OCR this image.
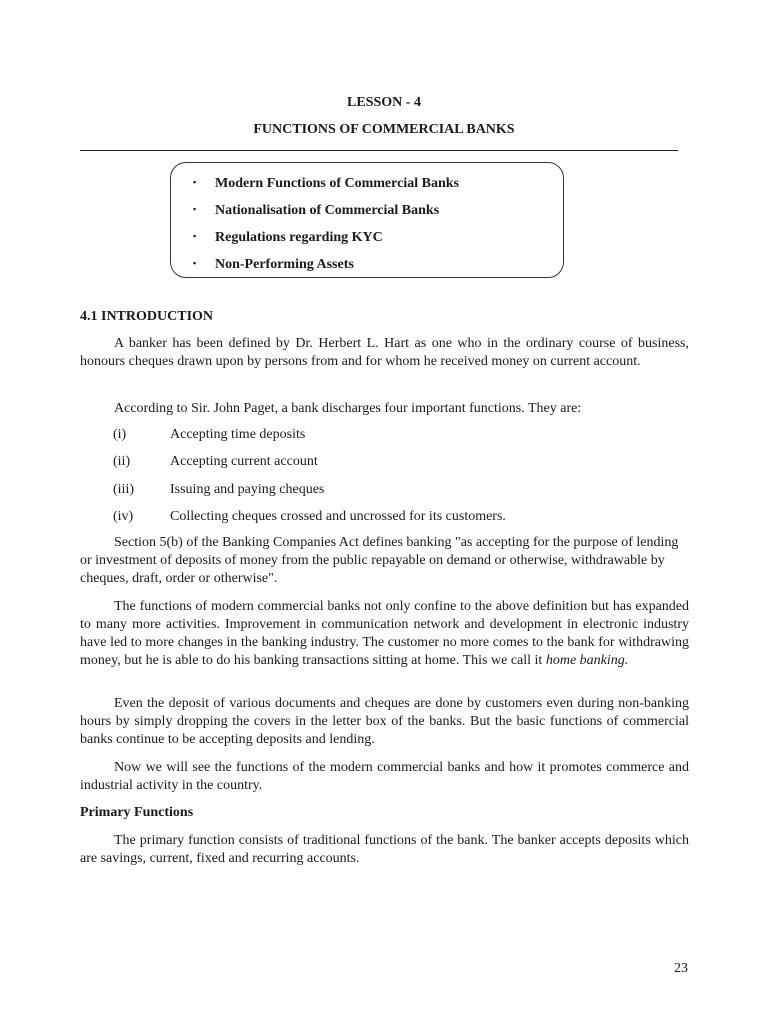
LESSON - 4
FUNCTIONS OF COMMERCIAL BANKS
▪ Modern Functions of Commercial Banks
▪ Nationalisation of Commercial Banks
▪ Regulations regarding KYC
▪ Non-Performing Assets
4.1 INTRODUCTION
A banker has been defined by Dr. Herbert L. Hart as one who in the ordinary course of business, honours cheques drawn upon by persons from and for whom he received money on current account.
According to Sir. John Paget, a bank discharges four important functions. They are:
(i)	Accepting time deposits
(ii)	Accepting current account
(iii)	Issuing and paying cheques
(iv)	Collecting cheques crossed and uncrossed for its customers.
Section 5(b) of the Banking Companies Act defines banking "as accepting for the purpose of lending or investment of deposits of money from the public repayable on demand or otherwise, withdrawable by cheques, draft, order or otherwise".
The functions of modern commercial banks not only confine to the above definition but has expanded to many more activities. Improvement in communication network and development in electronic industry have led to more changes in the banking industry. The customer no more comes to the bank for withdrawing money, but he is able to do his banking transactions sitting at home. This we call it home banking.
Even the deposit of various documents and cheques are done by customers even during non-banking hours by simply dropping the covers in the letter box of the banks. But the basic functions of commercial banks continue to be accepting deposits and lending.
Now we will see the functions of the modern commercial banks and how it promotes commerce and industrial activity in the country.
Primary Functions
The primary function consists of traditional functions of the bank. The banker accepts deposits which are savings, current, fixed and recurring accounts.
23
